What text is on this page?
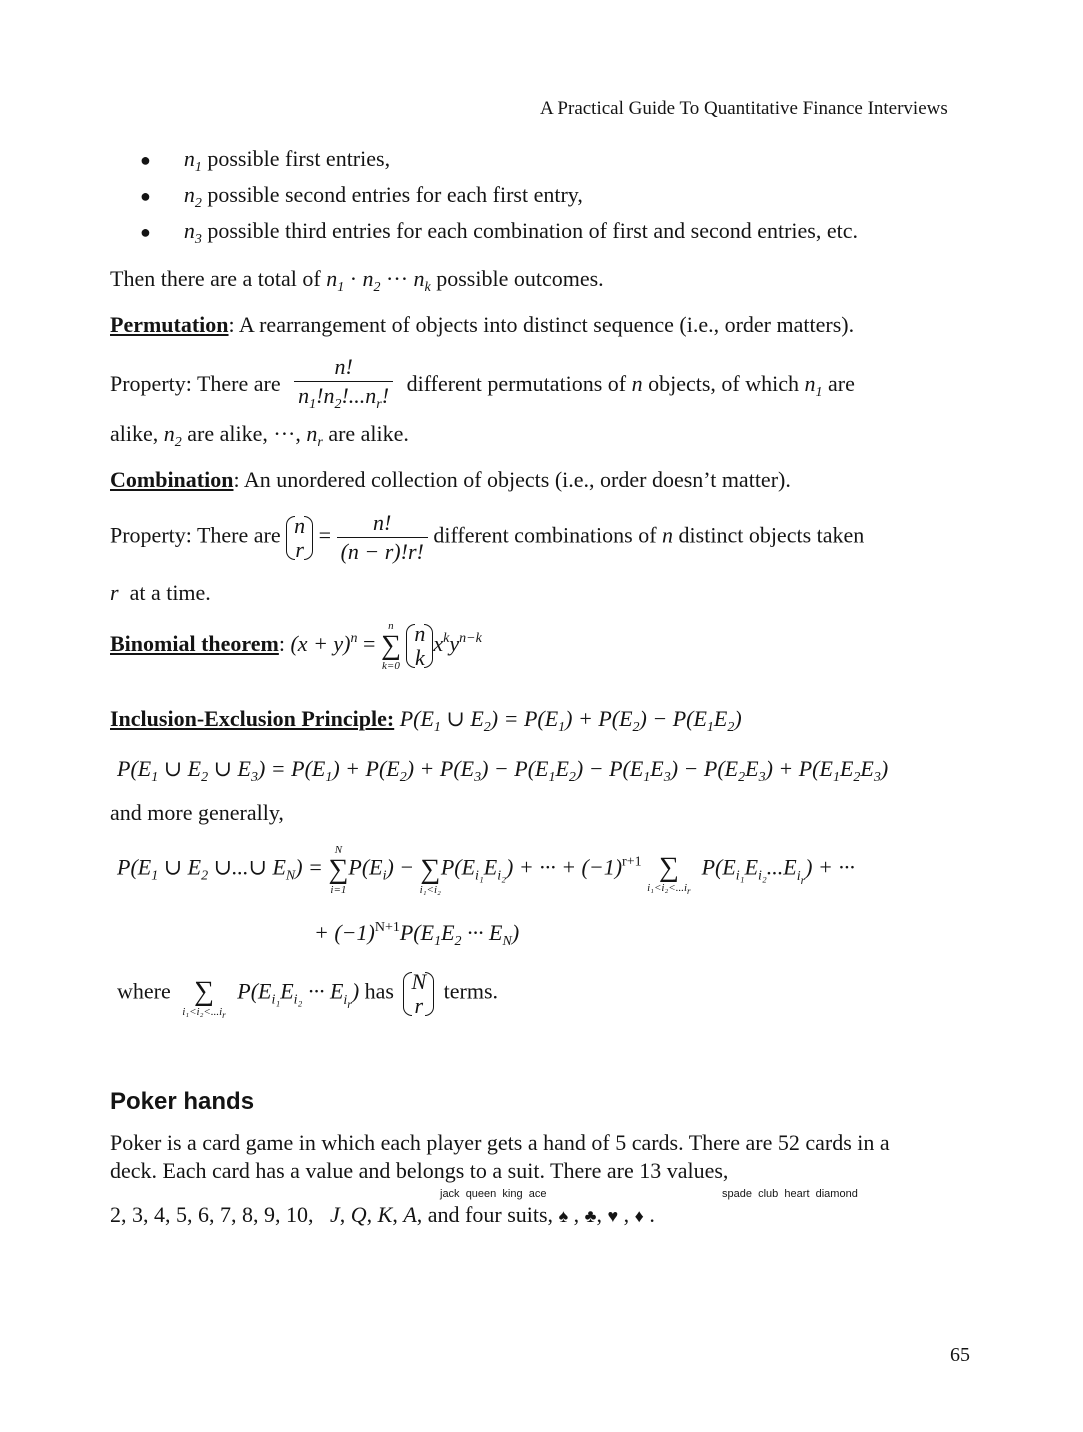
A Practical Guide To Quantitative Finance Interviews
● $n_1$ possible first entries,
● $n_2$ possible second entries for each first entry,
● $n_3$ possible third entries for each combination of first and second entries, etc.
Then there are a total of $n_1 \cdot n_2$ ··· $n_k$ possible outcomes.
Permutation: A rearrangement of objects into distinct sequence (i.e., order matters).
Property: There are $\frac{n!}{n_1!n_2!...n_r!}$ different permutations of n objects, of which $n_1$ are
alike, $n_2$ are alike, ···, $n_r$ are alike.
Combination: An unordered collection of objects (i.e., order doesn’t matter).
Property: There are n
r
= $\frac{n!}{(n - r)!r!}$ different combinations of n distinct objects taken
r at a time.
Binomial theorem: $(x + y)^n$ =
n
∑
k=0

n
k
$x^ky^{n-k}$
Inclusion-Exclusion Principle: $P(E_1$ ∪ $E_2) = P(E_1) + P(E_2) - P(E_1E_2)$
$P(E_1$ ∪ $E_2$ ∪ $E_3) = P(E_1) + P(E_2) + P(E_3) - P(E_1E_2) - P(E_1E_3) - P(E_2E_3) + P(E_1E_2E_3)$
and more generally,
$P(E_1$ ∪ $E_2$ ∪...∪ $E_N$) =
N
∑
i=1
$P(E_i)$ −
∑
i₁<i₂
$P(E_{i_1}E_{i_2})$ + ··· + $(-1)^{r+1}$
∑
$i_1<i_2<...i_r$
$P(E_{i_1}E_{i_2}...E_{i_r})$ + ···
+ $(-1)^{N+1}P(E_1E_2$ ··· $E_N$)
where
∑
$i_1<i_2<...i_r$
$P(E_{i_1}E_{i_2}$ ··· $E_{i_r}$) has N
r
terms.
Poker hands
Poker is a card game in which each player gets a hand of 5 cards. There are 52 cards in a
deck. Each card has a value and belongs to a suit. There are 13 values,
jack queen king ace	spade club heart diamond
2, 3, 4, 5, 6, 7, 8, 9, 10, J, Q, K, A, and four suits, ♠ , ♣, ♥ , ♦ .
65
